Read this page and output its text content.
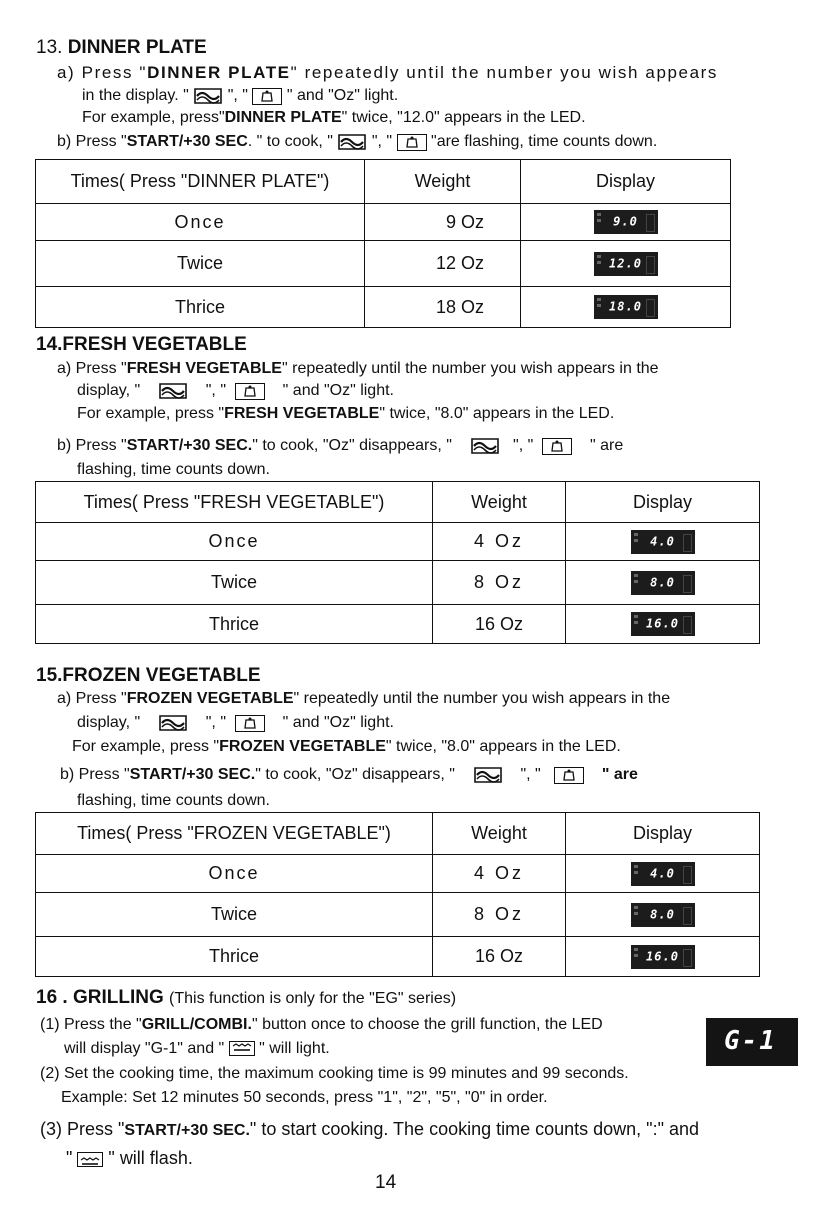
13. DINNER PLATE
a) Press "DINNER PLATE" repeatedly until the number you wish appears
in the display. " ", " " and "Oz" light.
For example, press"DINNER PLATE" twice, "12.0" appears in the LED.
b) Press "START/+30 SEC. " to cook, " ", " "are flashing, time counts down.
Times( Press "DINNER PLATE")	Weight	Display
Once	9 Oz	9.0

Twice	12 Oz	12.0

Thrice	18 Oz	18.0
14.FRESH VEGETABLE
a) Press "FRESH VEGETABLE" repeatedly until the number you wish appears in the
display, "	", "	" and "Oz" light.
For example, press "FRESH VEGETABLE" twice, "8.0" appears in the LED.
b) Press "START/+30 SEC." to cook, "Oz" disappears, "	", "	" are
flashing, time counts down.
Times( Press "FRESH VEGETABLE")	Weight	Display
Once	4 Oz	4.0

Twice	8 Oz	8.0

Thrice	16 Oz	16.0
15.FROZEN VEGETABLE
a) Press "FROZEN VEGETABLE" repeatedly until the number you wish appears in the
display, "	", "	" and "Oz" light.
For example, press "FROZEN VEGETABLE" twice, "8.0" appears in the LED.
b) Press "START/+30 SEC." to cook, "Oz" disappears, "	", "	" are
flashing, time counts down.
Times( Press "FROZEN VEGETABLE")	Weight	Display
Once	4 Oz	4.0

Twice	8 Oz	8.0

Thrice	16 Oz	16.0
16 . GRILLING (This function is only for the "EG" series)
(1) Press the "GRILL/COMBI." button once to choose the grill function, the LED
will display "G-1" and " " will light.	G-1
(2) Set the cooking time, the maximum cooking time is 99 minutes and 99 seconds.
Example: Set 12 minutes 50 seconds, press "1", "2", "5", "0" in order.
(3) Press "START/+30 SEC." to start cooking. The cooking time counts down, ":" and
" " will flash.
14
